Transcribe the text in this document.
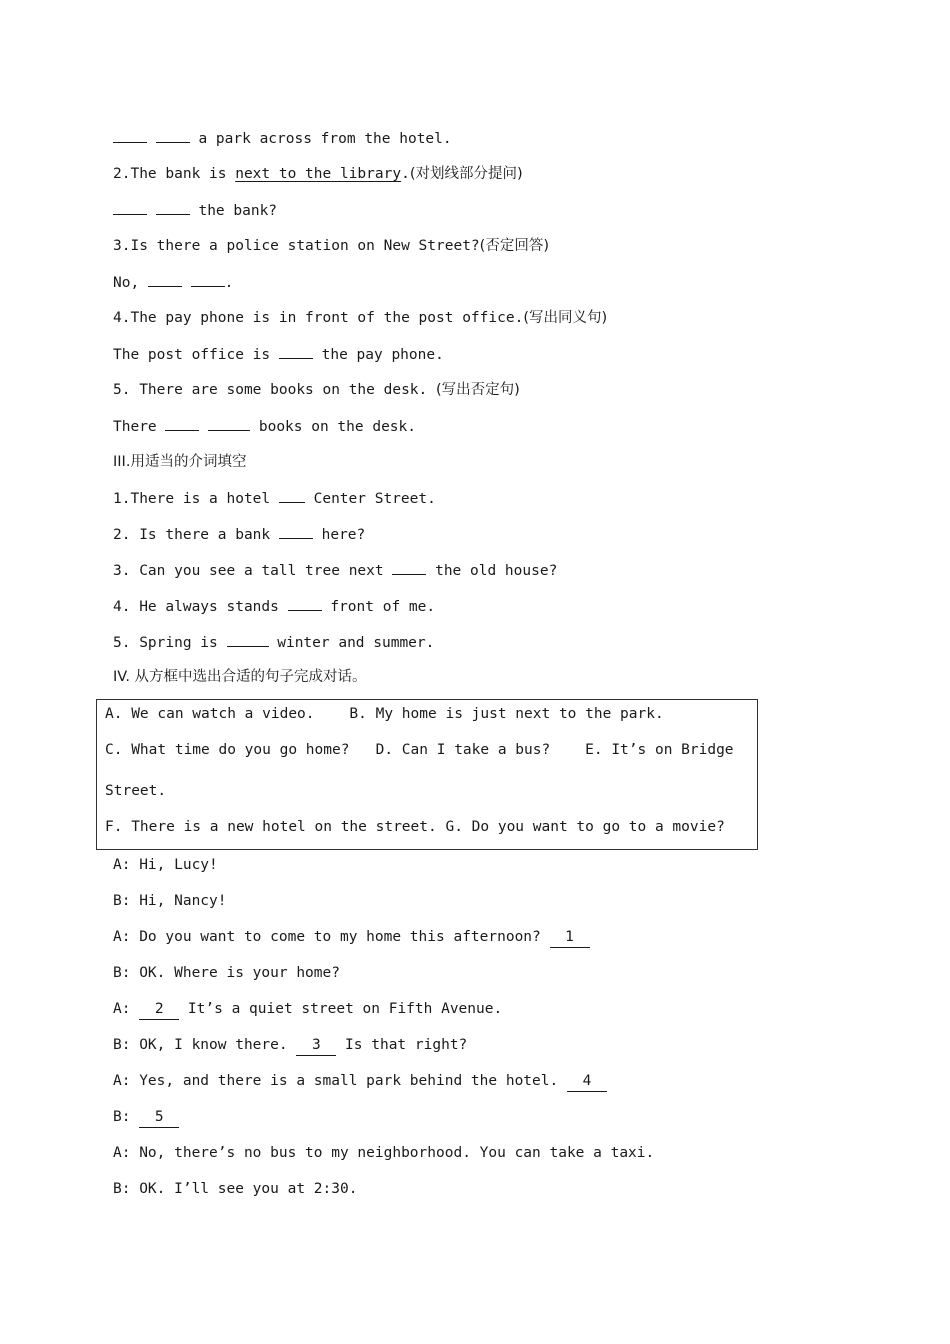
a park across from the hotel.
2.The bank is next to the library.(对划线部分提问)
the bank?
3.Is there a police station on New Street?(否定回答)
No,	.
4.The pay phone is in front of the post office.(写出同义句)
The post office is  the pay phone.
5. There are some books on the desk. (写出否定句)
There	books on the desk.
III.用适当的介词填空
1.There is a hotel  Center Street.
2. Is there a bank  here?
3. Can you see a tall tree next  the old house?
4. He always stands  front of me.
5. Spring is	winter and summer.
IV. 从方框中选出合适的句子完成对话。
A. We can watch a video.    B. My home is just next to the park.
C. What time do you go home?   D. Can I take a bus?    E. It’s on Bridge
Street.
F. There is a new hotel on the street. G. Do you want to go to a movie?
A: Hi, Lucy!
B: Hi, Nancy!
A: Do you want to come to my home this afternoon? 1
B: OK. Where is your home?
A: 2 It’s a quiet street on Fifth Avenue.
B: OK, I know there. 3 Is that right?
A: Yes, and there is a small park behind the hotel. 4
B: 5
A: No, there’s no bus to my neighborhood. You can take a taxi.
B: OK. I’ll see you at 2:30.
